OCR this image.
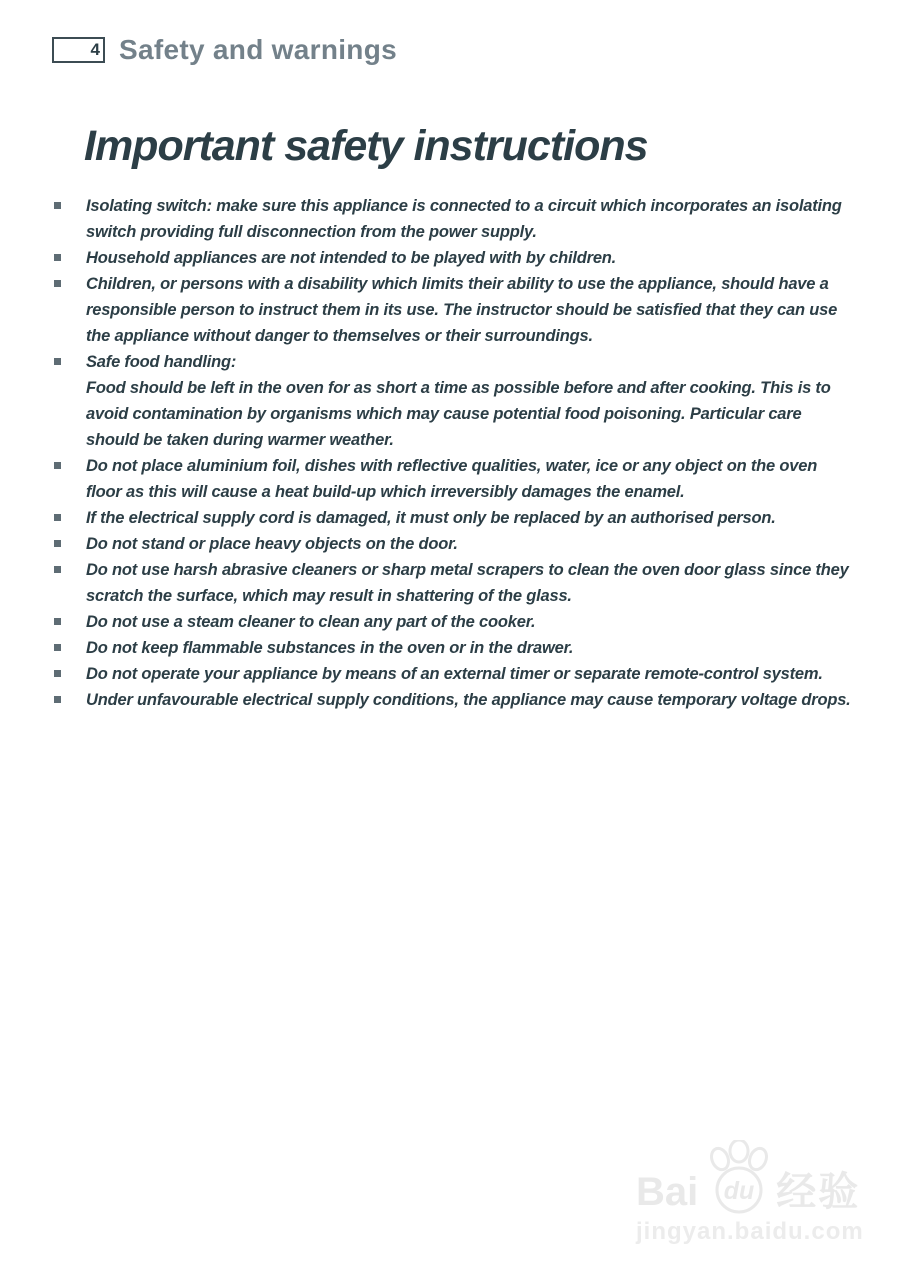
4 Safety and warnings
Important safety instructions

Isolating switch: make sure this appliance is connected to a circuit which incorporates an isolating switch providing full disconnection from the power supply.

Household appliances are not intended to be played with by children.

Children, or persons with a disability which limits their ability to use the appliance, should have a responsible person to instruct them in its use. The instructor should be satisfied that they can use the appliance without danger to themselves or their surroundings.

Safe food handling:

Food should be left in the oven for as short a time as possible before and after cooking. This is to avoid contamination by organisms which may cause potential food poisoning. Particular care should be taken during warmer weather.

Do not place aluminium foil, dishes with reflective qualities, water, ice or any object on the oven floor as this will cause a heat build-up which irreversibly damages the enamel.

If the electrical supply cord is damaged, it must only be replaced by an authorised person.

Do not stand or place heavy objects on the door.

Do not use harsh abrasive cleaners or sharp metal scrapers to clean the oven door glass since they scratch the surface, which may result in shattering of the glass.

Do not use a steam cleaner to clean any part of the cooker.

Do not keep flammable substances in the oven or in the drawer.

Do not operate your appliance by means of an external timer or separate remote-control system.

Under unfavourable electrical supply conditions, the appliance may cause temporary voltage drops.

Bai du 经验
jingyan.baidu.com
